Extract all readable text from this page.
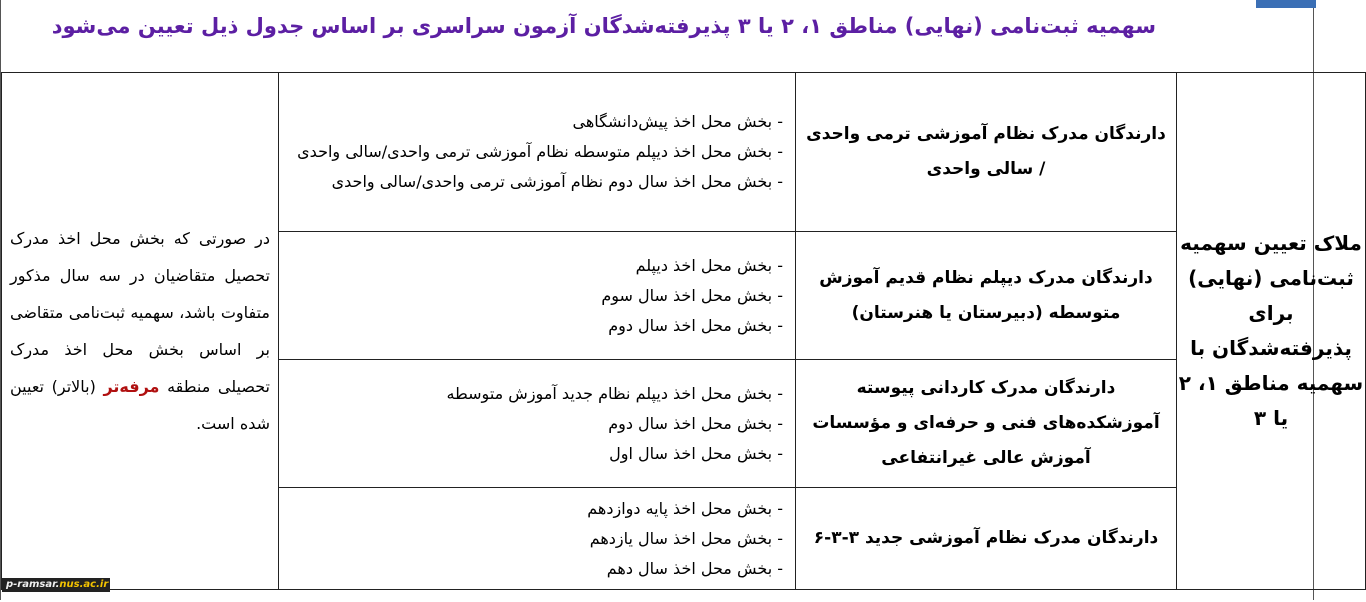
سهمیه ثبت‌نامی (نهایی) مناطق ۱، ۲ یا ۳ پذیرفته‌شدگان آزمون سراسری بر اساس جدول ذیل تعیین می‌شود
ملاک تعیین سهمیه ثبت‌نامی (نهایی) برای پذیرفته‌شدگان با سهمیه مناطق ۱، ۲ یا ۳	دارندگان مدرک نظام آموزشی ترمی واحدی / سالی واحدی	- بخش محل اخذ پیش‌دانشگاهی
- بخش محل اخذ دیپلم متوسطه نظام آموزشی ترمی واحدی/سالی واحدی
- بخش محل اخذ سال دوم نظام آموزشی ترمی واحدی/سالی واحدی	در صورتی که بخش محل اخذ مدرک تحصیل متقاضیان در سه سال مذکور متفاوت باشد، سهمیه ثبت‌نامی متقاضی بر اساس بخش محل اخذ مدرک تحصیلی منطقه مرفه‌تر (بالاتر) تعیین شده است.
	دارندگان مدرک دیپلم نظام قدیم آموزش متوسطه (دبیرستان یا هنرستان)	- بخش محل اخذ دیپلم
- بخش محل اخذ سال سوم
- بخش محل اخذ سال دوم	

	دارندگان مدرک کاردانی پیوسته آموزشکده‌های فنی و حرفه‌ای و مؤسسات آموزش عالی غیرانتفاعی	- بخش محل اخذ دیپلم نظام جدید آموزش متوسطه
- بخش محل اخذ سال دوم
- بخش محل اخذ سال اول	

	دارندگان مدرک نظام آموزشی جدید ۳-۳-۶	- بخش محل اخذ پایه دوازدهم
- بخش محل اخذ سال یازدهم
- بخش محل اخذ سال دهم	
p-ramsar.nus.ac.ir
